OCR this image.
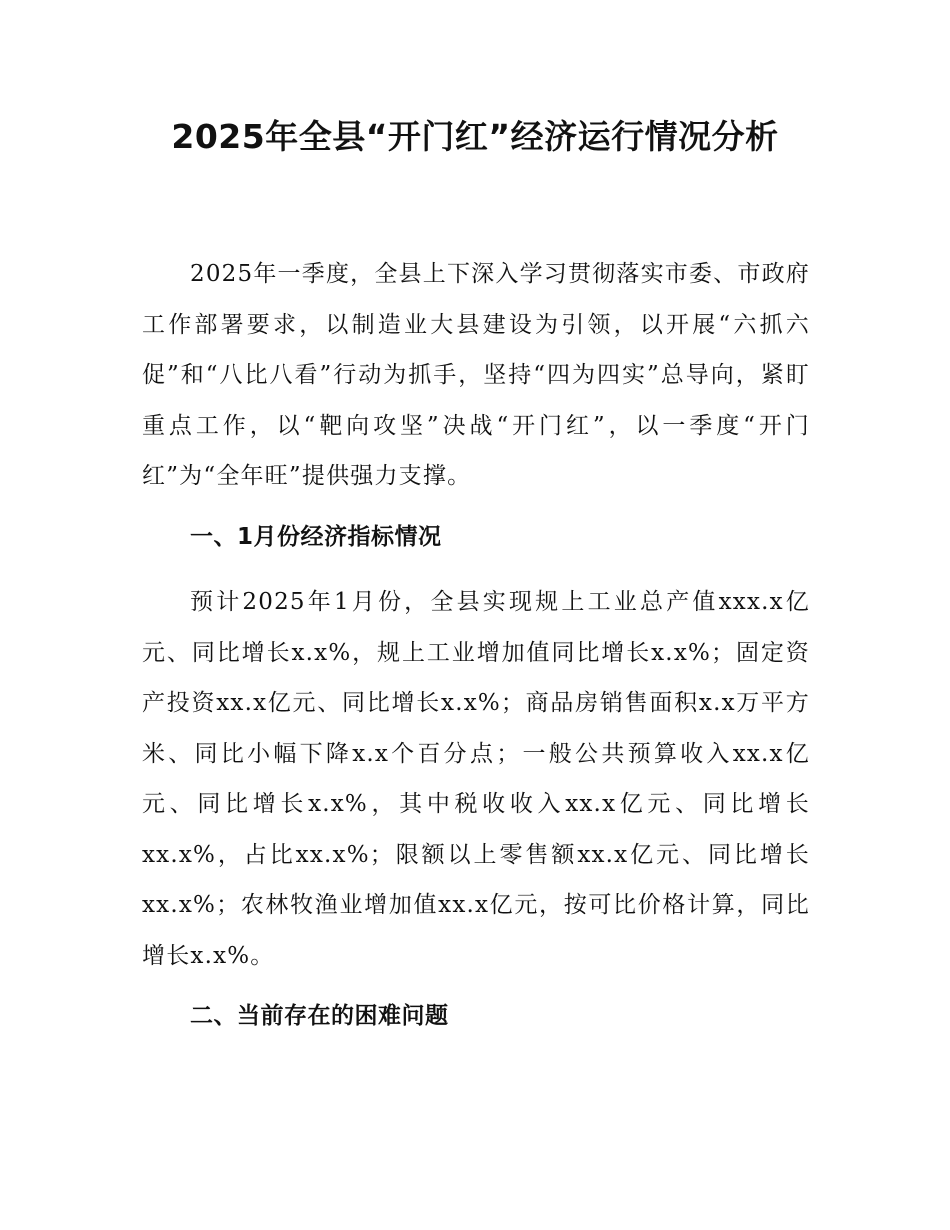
2025年全县“开门红”经济运行情况分析

2025年一季度，全县上下深入学习贯彻落实市委、市政府工作部署要求，以制造业大县建设为引领，以开展“六抓六促”和“八比八看”行动为抓手，坚持“四为四实”总导向，紧盯重点工作，以“靶向攻坚”决战“开门红”，以一季度“开门红”为“全年旺”提供强力支撑。

一、1月份经济指标情况

预计2025年1月份，全县实现规上工业总产值xxx.x亿元、同比增长x.x%，规上工业增加值同比增长x.x%；固定资产投资xx.x亿元、同比增长x.x%；商品房销售面积x.x万平方米、同比小幅下降x.x个百分点；一般公共预算收入xx.x亿元、同比增长x.x%，其中税收收入xx.x亿元、同比增长xx.x%，占比xx.x%；限额以上零售额xx.x亿元、同比增长xx.x%；农林牧渔业增加值xx.x亿元，按可比价格计算，同比增长x.x%。

二、当前存在的困难问题
